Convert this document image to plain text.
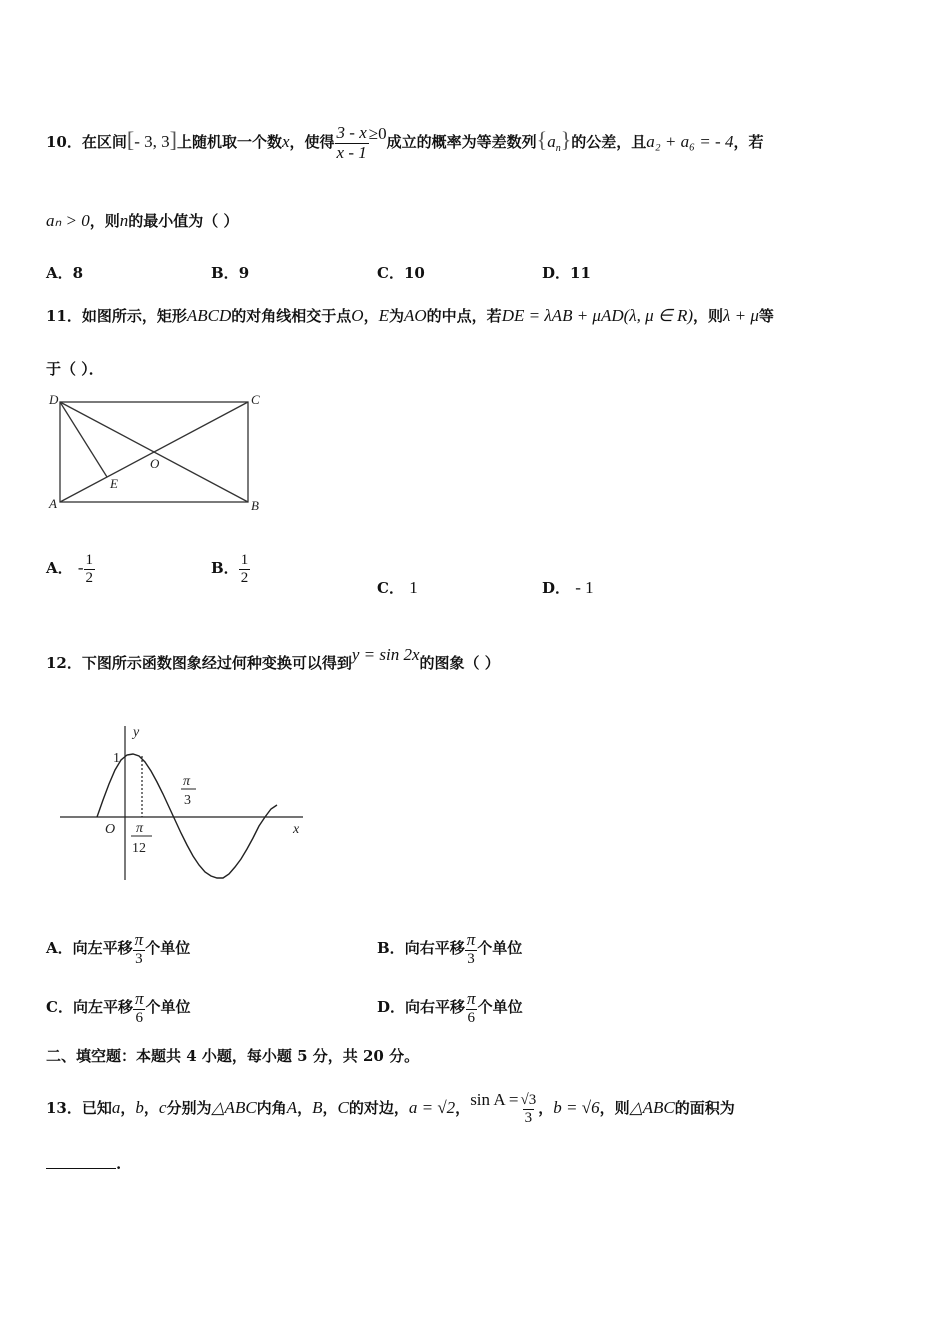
10．在区间[- 3, 3]上随机取一个数x，使得 $\frac{3 - x}{x - 1} \ge 0$成立的概率为等差数列$\{a_n\}$的公差，且a₂ + a₆ = - 4，若
aₙ > 0，则n的最小值为（ ）
A．8	B．9	C．10	D．11
11．如图所示，矩形ABCD的对角线相交于点O，E为AO的中点，若DE = λAB + μAD(λ, μ ∈ R)，则λ + μ等
于（ ）．
D	C
A	B
O
E
A． - $\frac{1}{2}$	B． $\frac{1}{2}$
C． 1	D． - 1
12．下图所示函数图象经过何种变换可以得到y = sin 2x的图象（ ）
y
x
1
O
π
3
π
12
A．向左平移 $\frac{\pi}{3}$ 个单位	B．向右平移 $\frac{\pi}{3}$ 个单位
C．向左平移 $\frac{\pi}{6}$ 个单位	D．向右平移 $\frac{\pi}{6}$ 个单位
二、填空题：本题共 4 小题，每小题 5 分，共 20 分。
13．已知a，b，c分别为△ABC内角A，B，C的对边，a = √2，$\sin A = \frac{√3}{3}$ ，b = √6，则△ABC的面积为
.
